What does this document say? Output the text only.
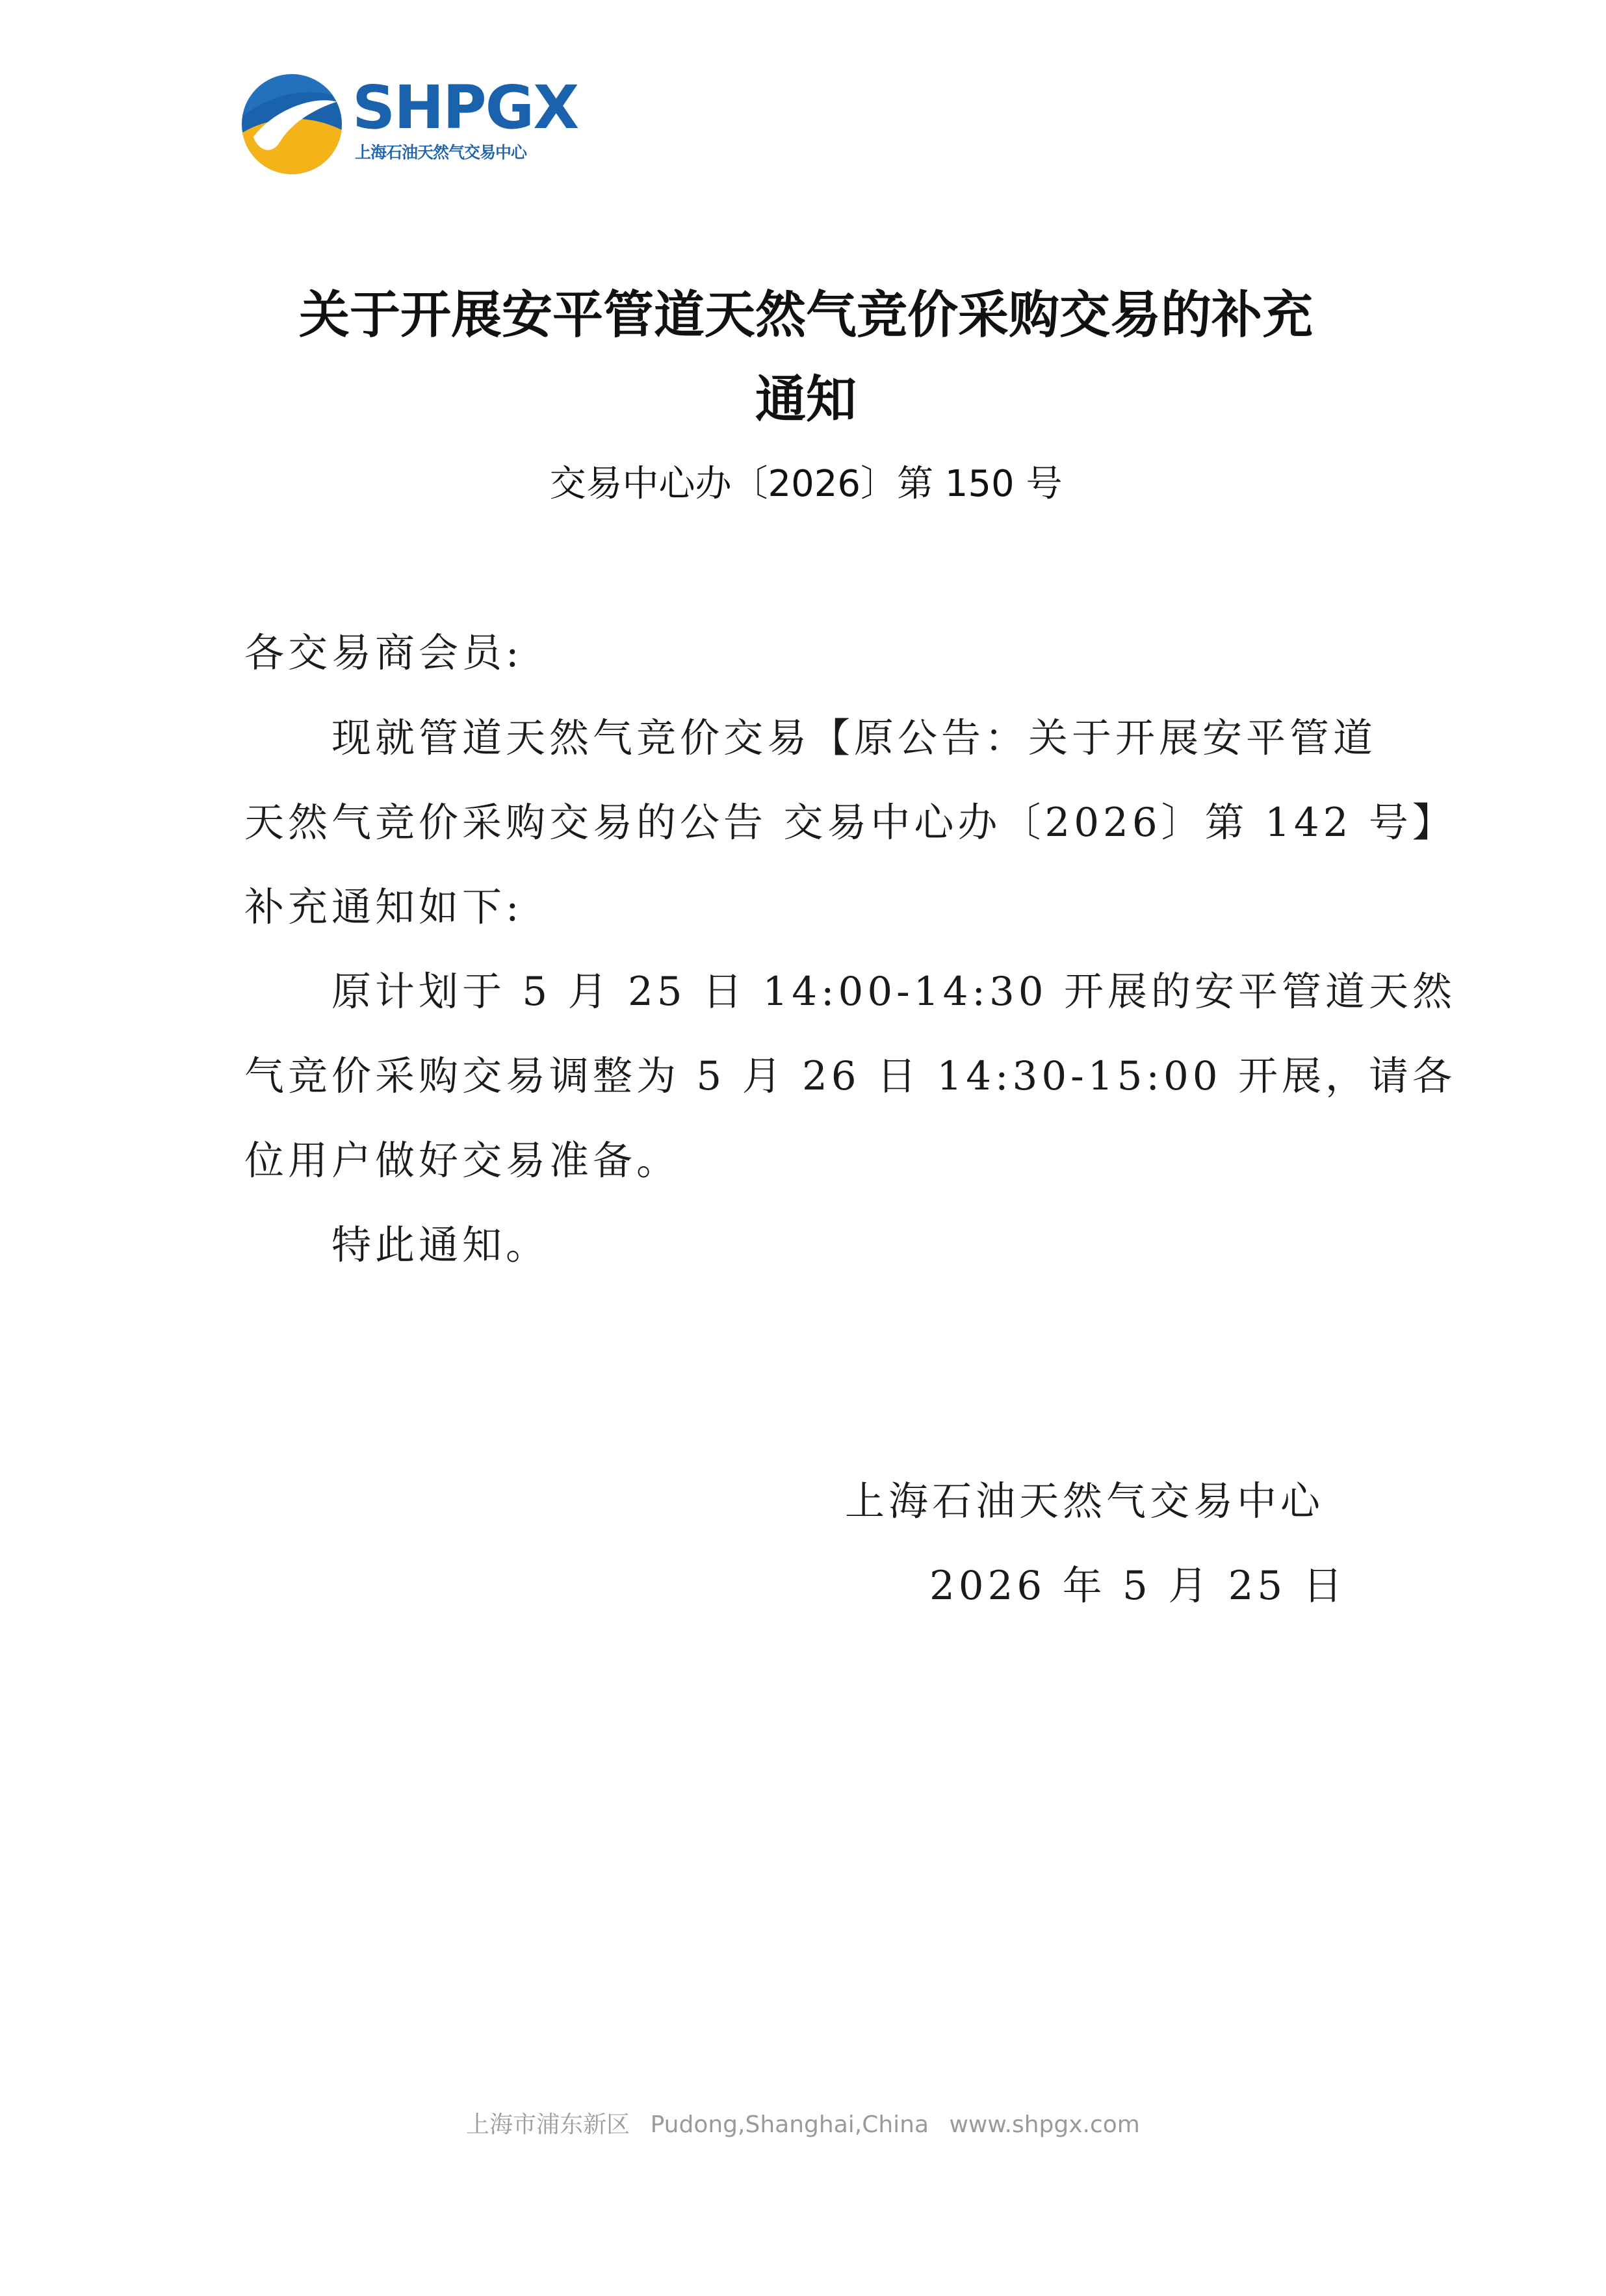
SHPGX
上海石油天然气交易中心
关于开展安平管道天然气竞价采购交易的补充
通知
交易中心办〔2026〕第 150 号
各交易商会员:
现就管道天然气竞价交易【原公告：关于开展安平管道
天然气竞价采购交易的公告 交易中心办〔2026〕第 142 号】
补充通知如下:
原计划于 5 月 25 日 14:00-14:30 开展的安平管道天然
气竞价采购交易调整为 5 月 26 日 14:30-15:00 开展，请各
位用户做好交易准备。
特此通知。
上海石油天然气交易中心
2026 年 5 月 25 日
上海市浦东新区 Pudong,Shanghai,China www.shpgx.com
